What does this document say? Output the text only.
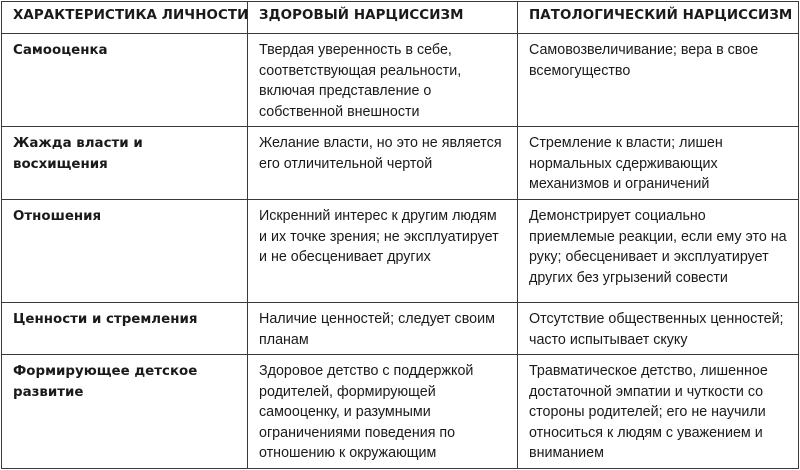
ХАРАКТЕРИСТИКА ЛИЧНОСТИ	ЗДОРОВЫЙ НАРЦИССИЗМ	ПАТОЛОГИЧЕСКИЙ НАРЦИССИЗМ
Самооценка	Твердая уверенность в себе, соответствующая реальности, включая представление о собственной внешности	Самовозвеличивание; вера в свое всемогущество
Жажда власти и восхищения	Желание власти, но это не является его отличительной чертой	Стремление к власти; лишен нормальных сдерживающих механизмов и ограничений
Отношения	Искренний интерес к другим людям и их точке зрения; не эксплуатирует и не обесценивает других	Демонстрирует социально приемлемые реакции, если ему это на руку; обесценивает и эксплуатирует других без угрызений совести
Ценности и стремления	Наличие ценностей; следует своим планам	Отсутствие общественных ценностей; часто испытывает скуку
Формирующее детское развитие	Здоровое детство с поддержкой родителей, формирующей самооценку, и разумными ограничениями поведения по отношению к окружающим	Травматическое детство, лишенное достаточной эмпатии и чуткости со стороны родителей; его не научили относиться к людям с уважением и вниманием
